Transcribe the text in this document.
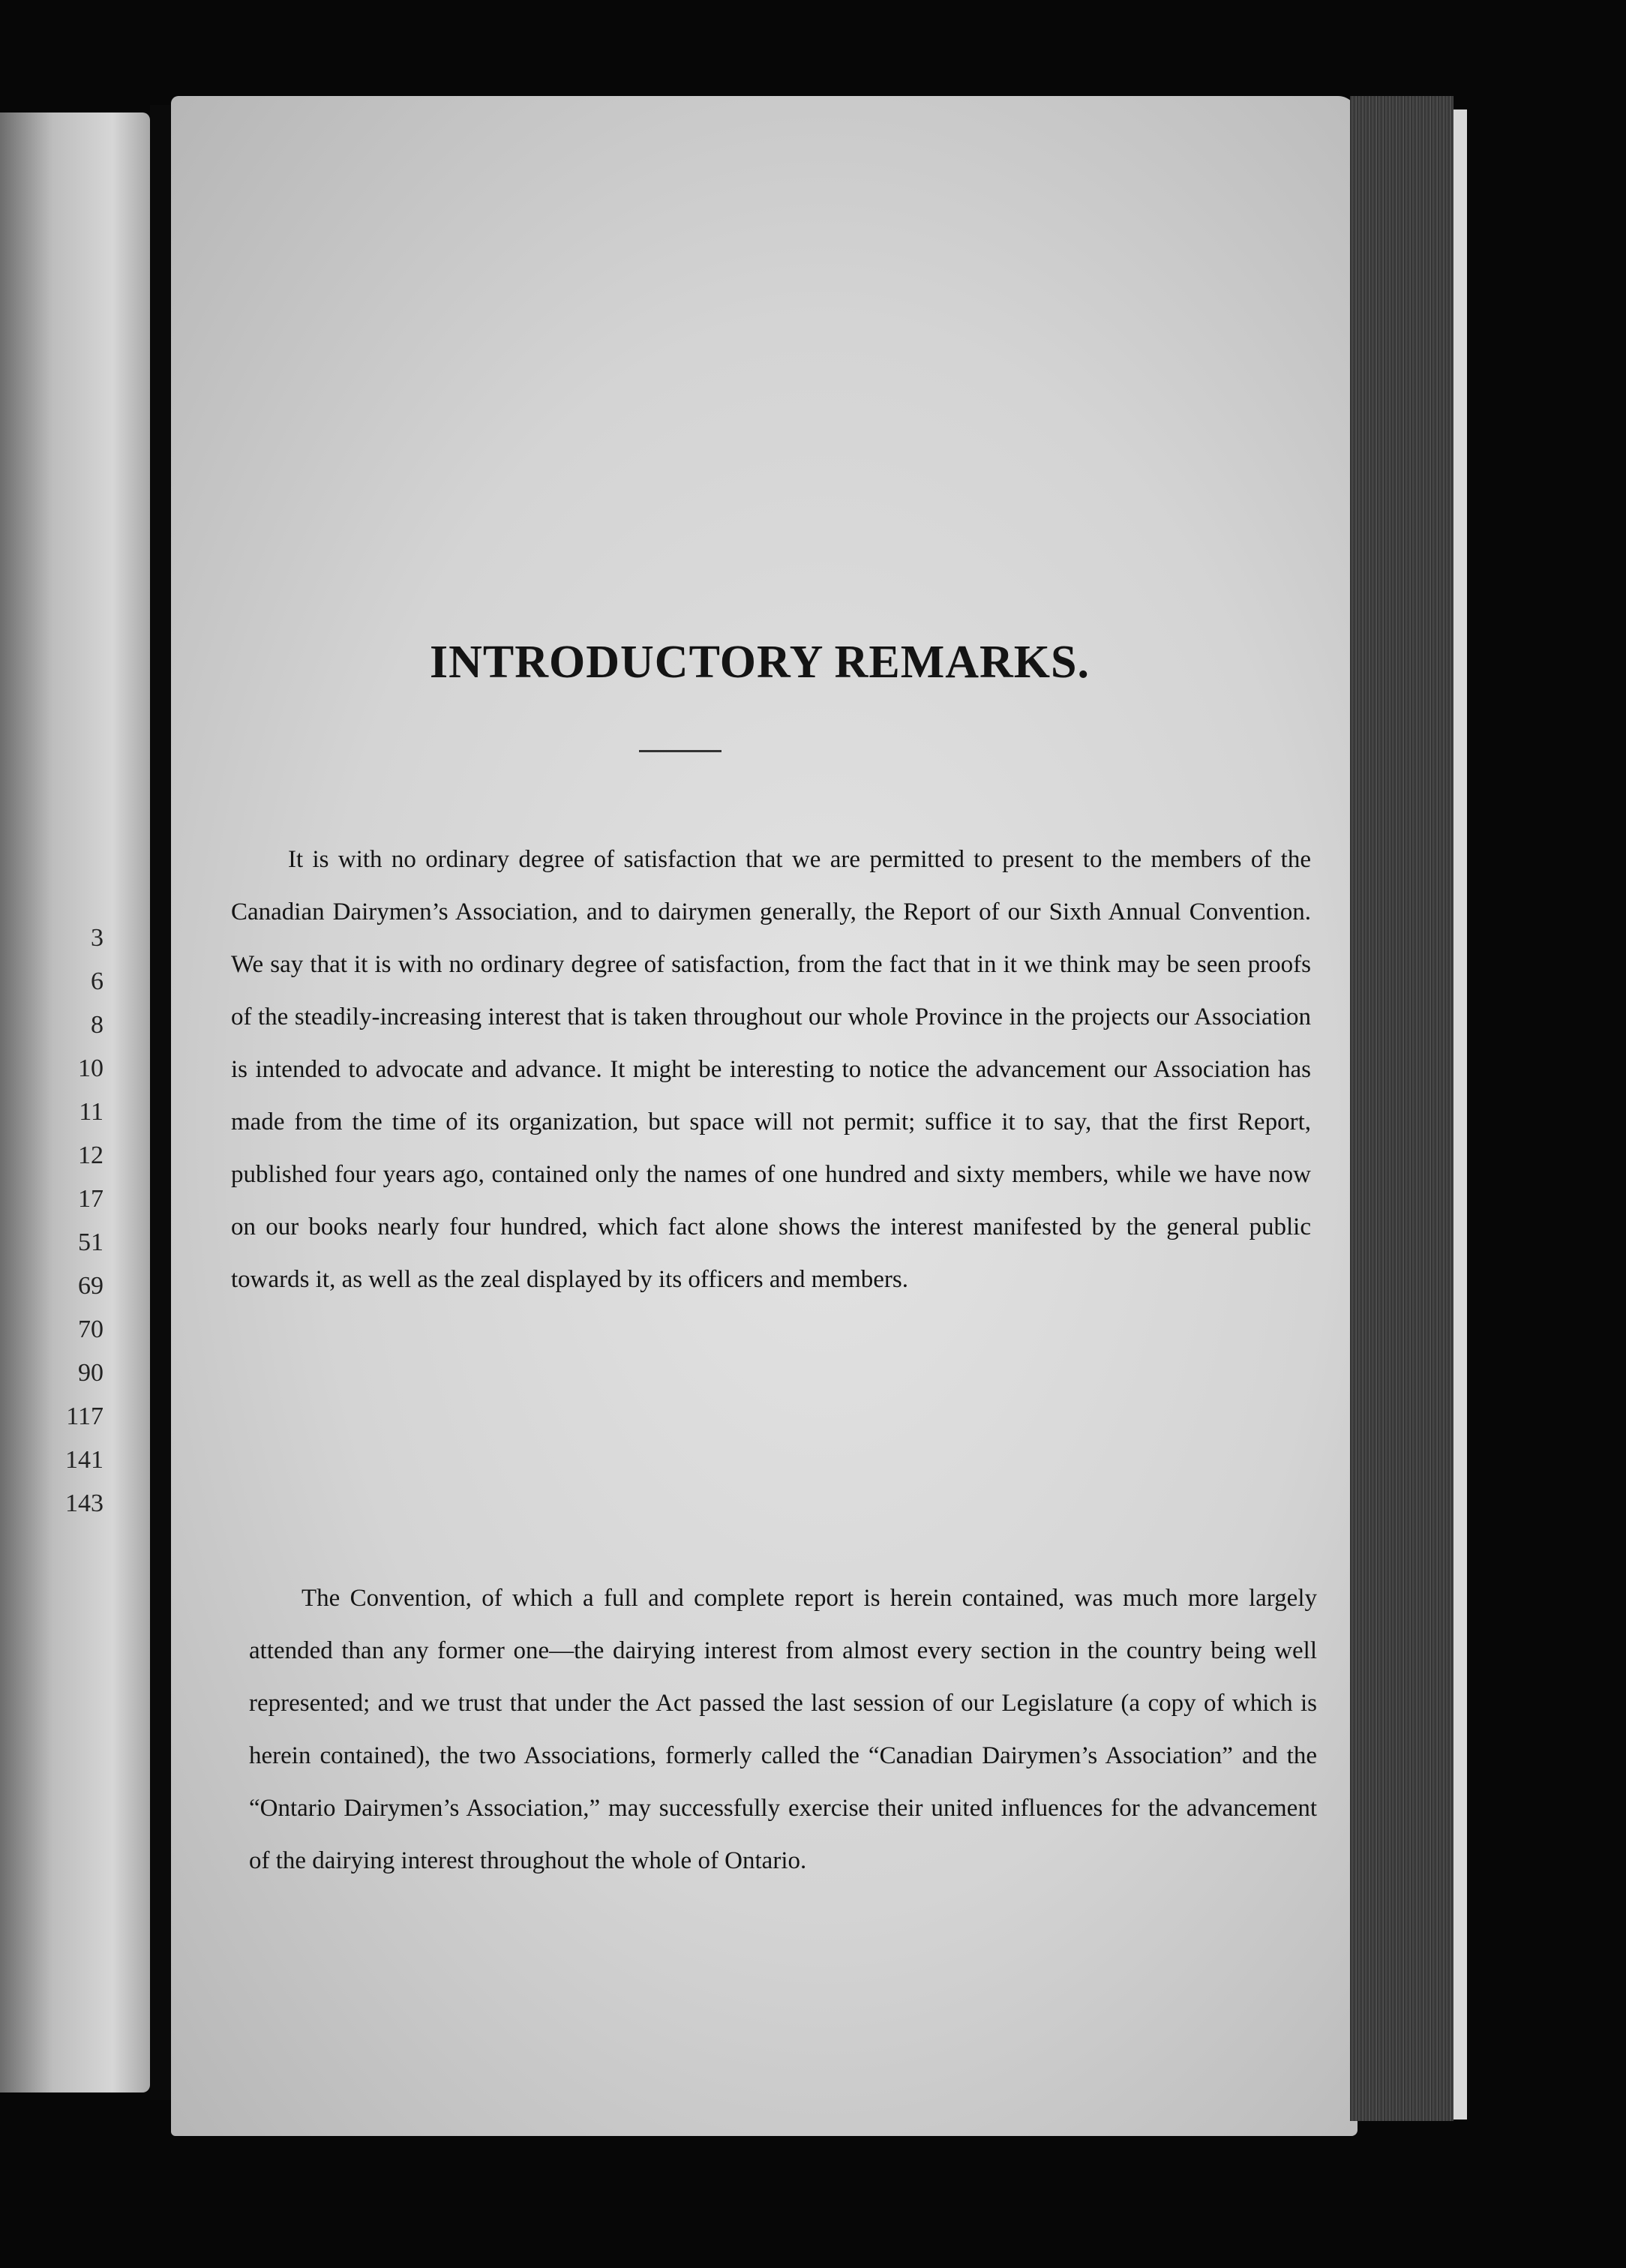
3
6
8
10
11
12
17
51
69
70
90
117
141
143
INTRODUCTORY REMARKS.

It is with no ordinary degree of satisfaction that we are permitted to present to the members of the Canadian Dairymen’s Association, and to dairymen generally, the Report of our Sixth Annual Convention. We say that it is with no ordinary degree of satisfaction, from the fact that in it we think may be seen proofs of the steadily-increasing interest that is taken throughout our whole Province in the projects our Association is intended to advocate and advance. It might be interesting to notice the advancement our Association has made from the time of its organization, but space will not permit; suffice it to say, that the first Report, published four years ago, contained only the names of one hundred and sixty members, while we have now on our books nearly four hundred, which fact alone shows the interest manifested by the general public towards it, as well as the zeal displayed by its officers and members.

The Convention, of which a full and complete report is herein contained, was much more largely attended than any former one—the dairying interest from almost every section in the country being well represented; and we trust that under the Act passed the last session of our Legislature (a copy of which is herein contained), the two Associations, formerly called the “Canadian Dairymen’s Association” and the “Ontario Dairymen’s Association,” may successfully exercise their united influences for the advancement of the dairying interest throughout the whole of Ontario.
